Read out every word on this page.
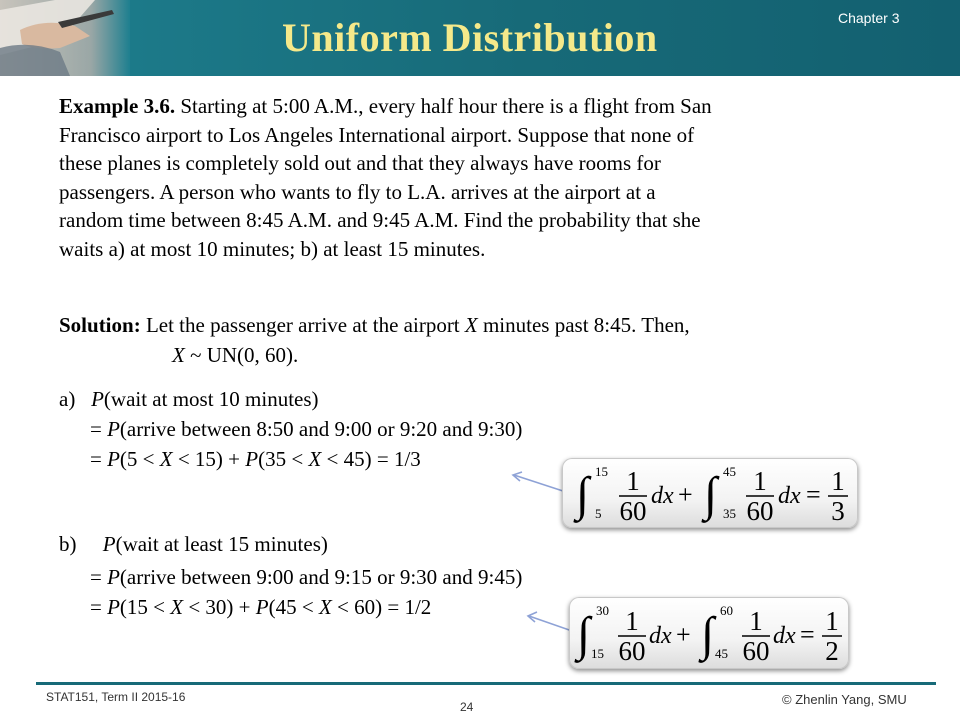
Uniform Distribution	Chapter 3
Example 3.6. Starting at 5:00 A.M., every half hour there is a flight from San
Francisco airport to Los Angeles International airport. Suppose that none of
these planes is completely sold out and that they always have rooms for
passengers. A person who wants to fly to L.A. arrives at the airport at a
random time between 8:45 A.M. and 9:45 A.M. Find the probability that she
waits a) at most 10 minutes; b) at least 15 minutes.
Solution: Let the passenger arrive at the airport X minutes past 8:45. Then,
X ~ UN(0, 60).
a) P(wait at most 10 minutes)
= P(arrive between 8:50 and 9:00 or 9:20 and 9:30)
= P(5 < X < 15) + P(35 < X < 45) = 1/3
b) P(wait at least 15 minutes)
= P(arrive between 9:00 and 9:15 or 9:30 and 9:45)
= P(15 < X < 30) + P(45 < X < 60) = 1/2
∫ 15
5
1
60 dx + ∫ 45
35
1
60 dx = 1
3
∫ 30
15
1
60 dx + ∫ 60
45
1
60 dx = 1
2
STAT151, Term II 2015-16
24	© Zhenlin Yang, SMU
